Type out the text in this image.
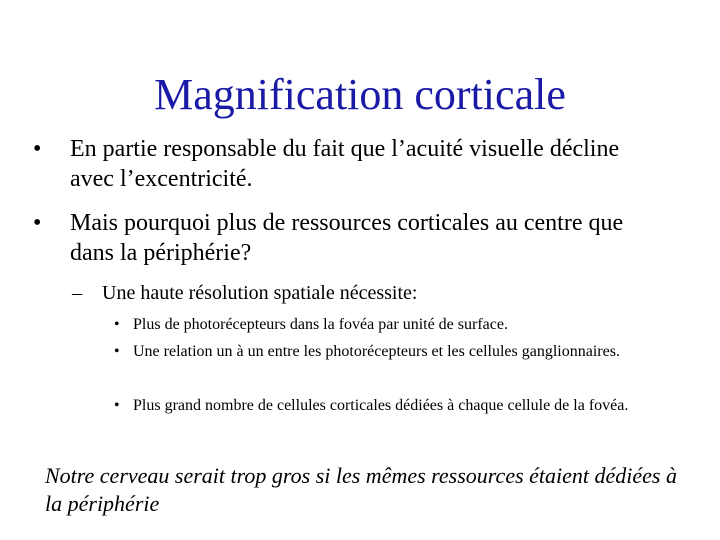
Magnification corticale
• En partie responsable du fait que l’acuité visuelle décline avec l’excentricité.
• Mais pourquoi plus de ressources corticales au centre que dans la périphérie?
– Une haute résolution spatiale nécessite:
• Plus de photorécepteurs dans la fovéa par unité de surface.
• Une relation un à un entre les photorécepteurs et les cellules ganglionnaires.
• Plus grand nombre de cellules corticales dédiées à chaque cellule de la fovéa.
Notre cerveau serait trop gros si les mêmes ressources étaient dédiées à la périphérie
